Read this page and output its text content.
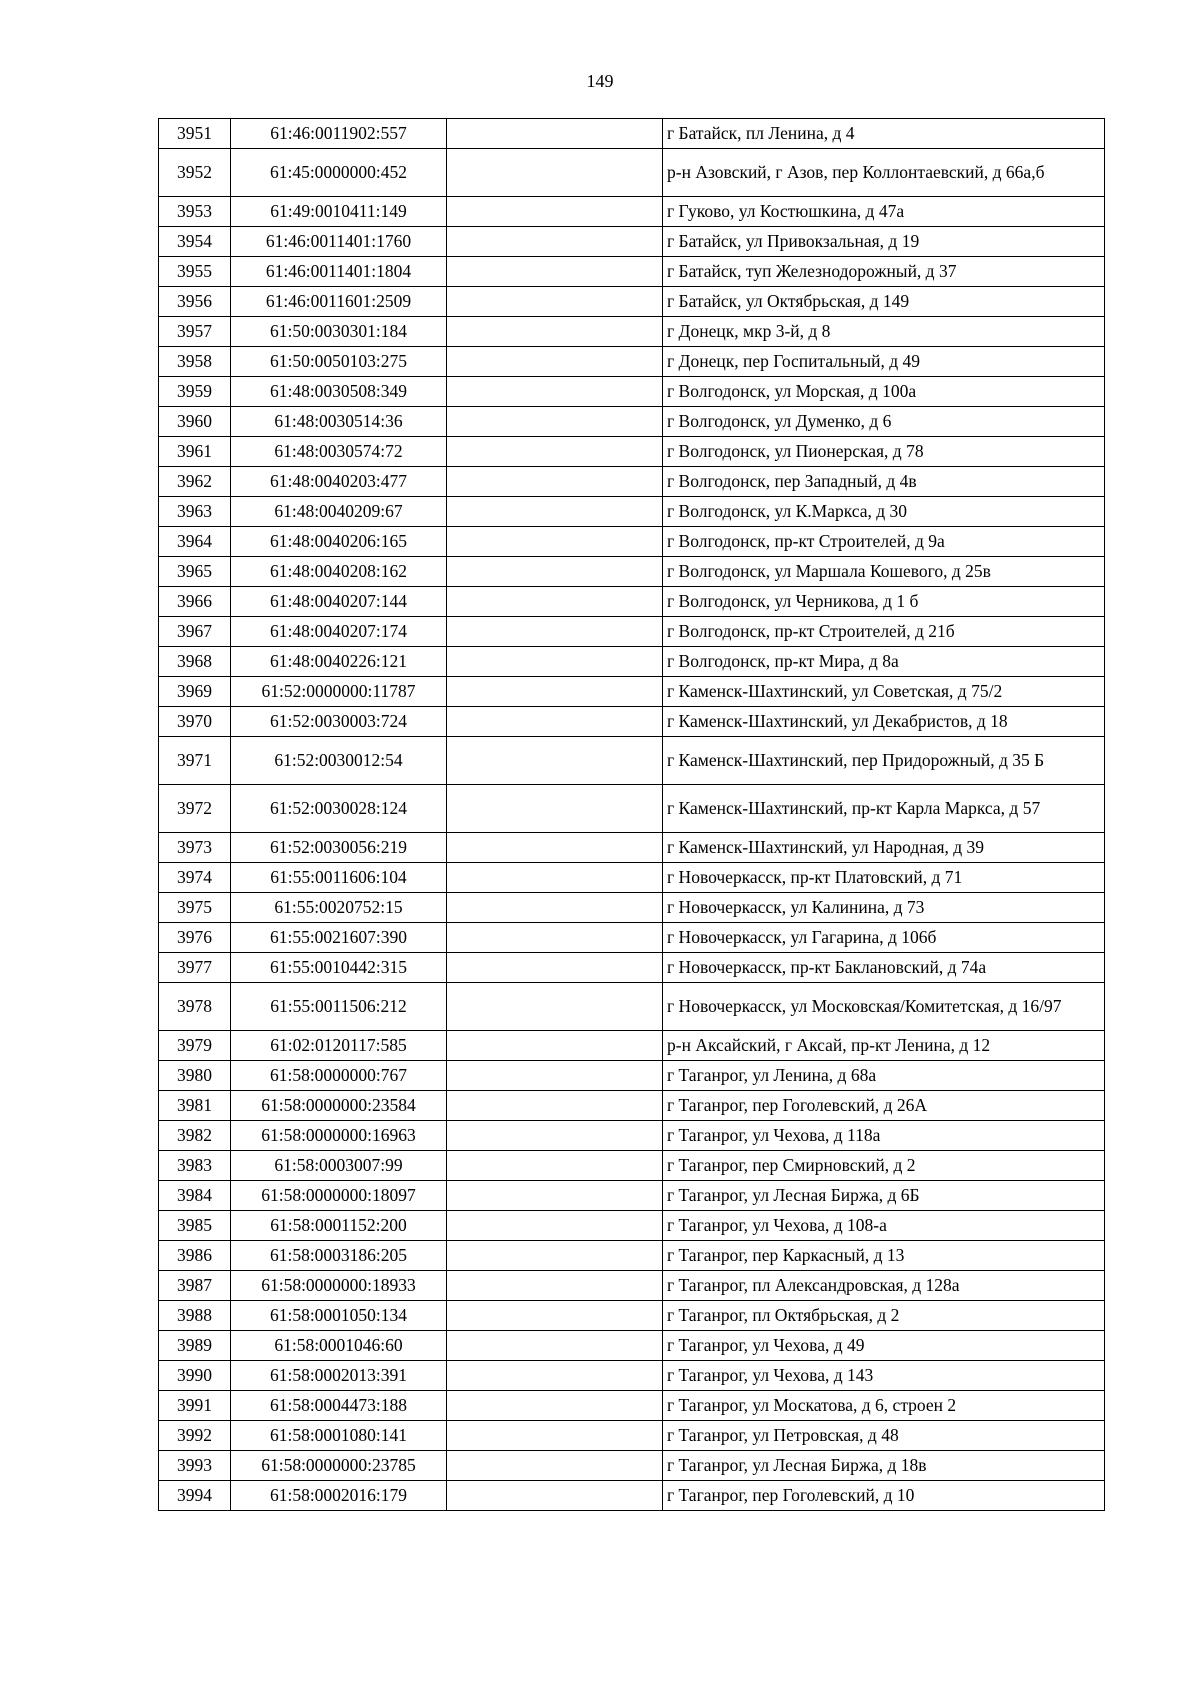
149
3951	61:46:0011902:557		г Батайск, пл Ленина, д 4
3952	61:45:0000000:452		р-н Азовский, г Азов, пер Коллонтаевский, д 66а,б
3953	61:49:0010411:149		г Гуково, ул Костюшкина, д 47а
3954	61:46:0011401:1760		г Батайск, ул Привокзальная, д 19
3955	61:46:0011401:1804		г Батайск, туп Железнодорожный, д 37
3956	61:46:0011601:2509		г Батайск, ул Октябрьская, д 149
3957	61:50:0030301:184		г Донецк, мкр 3-й, д 8
3958	61:50:0050103:275		г Донецк, пер Госпитальный, д 49
3959	61:48:0030508:349		г Волгодонск, ул Морская, д 100а
3960	61:48:0030514:36		г Волгодонск, ул Думенко, д 6
3961	61:48:0030574:72		г Волгодонск, ул Пионерская, д 78
3962	61:48:0040203:477		г Волгодонск, пер Западный, д 4в
3963	61:48:0040209:67		г Волгодонск, ул К.Маркса, д 30
3964	61:48:0040206:165		г Волгодонск, пр-кт Строителей, д 9а
3965	61:48:0040208:162		г Волгодонск, ул Маршала Кошевого, д 25в
3966	61:48:0040207:144		г Волгодонск, ул Черникова, д 1 б
3967	61:48:0040207:174		г Волгодонск, пр-кт Строителей, д 21б
3968	61:48:0040226:121		г Волгодонск, пр-кт Мира, д 8а
3969	61:52:0000000:11787		г Каменск-Шахтинский, ул Советская, д 75/2
3970	61:52:0030003:724		г Каменск-Шахтинский, ул Декабристов, д 18
3971	61:52:0030012:54		г Каменск-Шахтинский, пер Придорожный, д 35 Б
3972	61:52:0030028:124		г Каменск-Шахтинский, пр-кт Карла Маркса, д 57
3973	61:52:0030056:219		г Каменск-Шахтинский, ул Народная, д 39
3974	61:55:0011606:104		г Новочеркасск, пр-кт Платовский, д 71
3975	61:55:0020752:15		г Новочеркасск, ул Калинина, д 73
3976	61:55:0021607:390		г Новочеркасск, ул Гагарина, д 106б
3977	61:55:0010442:315		г Новочеркасск, пр-кт Баклановский, д 74а
3978	61:55:0011506:212		г Новочеркасск, ул Московская/Комитетская, д 16/97
3979	61:02:0120117:585		р-н Аксайский, г Аксай, пр-кт Ленина, д 12
3980	61:58:0000000:767		г Таганрог, ул Ленина, д 68а
3981	61:58:0000000:23584		г Таганрог, пер Гоголевский, д 26А
3982	61:58:0000000:16963		г Таганрог, ул Чехова, д 118а
3983	61:58:0003007:99		г Таганрог, пер Смирновский, д 2
3984	61:58:0000000:18097		г Таганрог, ул Лесная Биржа, д 6Б
3985	61:58:0001152:200		г Таганрог, ул Чехова, д 108-а
3986	61:58:0003186:205		г Таганрог, пер Каркасный, д 13
3987	61:58:0000000:18933		г Таганрог, пл Александровская, д 128а
3988	61:58:0001050:134		г Таганрог, пл Октябрьская, д 2
3989	61:58:0001046:60		г Таганрог, ул Чехова, д 49
3990	61:58:0002013:391		г Таганрог, ул Чехова, д 143
3991	61:58:0004473:188		г Таганрог, ул Москатова, д 6, строен 2
3992	61:58:0001080:141		г Таганрог, ул Петровская, д 48
3993	61:58:0000000:23785		г Таганрог, ул Лесная Биржа, д 18в
3994	61:58:0002016:179		г Таганрог, пер Гоголевский, д 10
